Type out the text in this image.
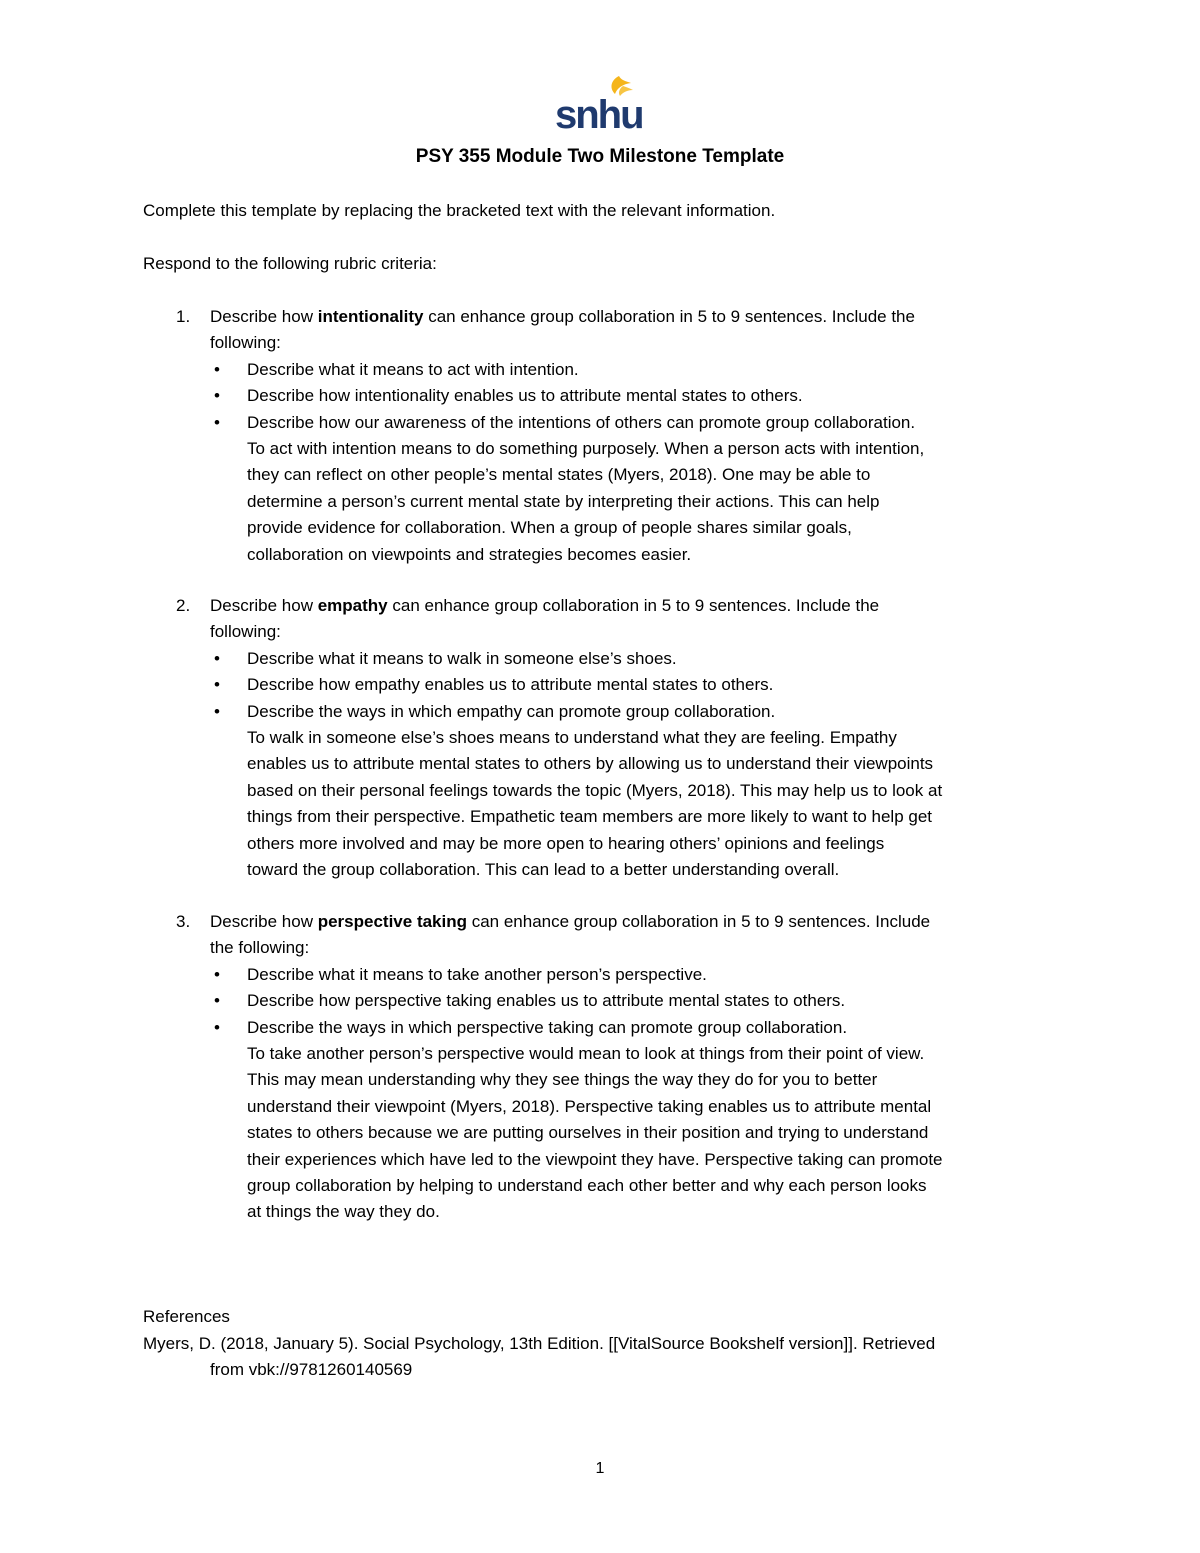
snhu
PSY 355 Module Two Milestone Template
Complete this template by replacing the bracketed text with the relevant information.
Respond to the following rubric criteria:
1. Describe how intentionality can enhance group collaboration in 5 to 9 sentences. Include the
following:
• Describe what it means to act with intention.
• Describe how intentionality enables us to attribute mental states to others.
• Describe how our awareness of the intentions of others can promote group collaboration.
To act with intention means to do something purposely. When a person acts with intention,
they can reflect on other people’s mental states (Myers, 2018). One may be able to
determine a person’s current mental state by interpreting their actions. This can help
provide evidence for collaboration. When a group of people shares similar goals,
collaboration on viewpoints and strategies becomes easier.
2. Describe how empathy can enhance group collaboration in 5 to 9 sentences. Include the
following:
• Describe what it means to walk in someone else’s shoes.
• Describe how empathy enables us to attribute mental states to others.
• Describe the ways in which empathy can promote group collaboration.
To walk in someone else’s shoes means to understand what they are feeling. Empathy
enables us to attribute mental states to others by allowing us to understand their viewpoints
based on their personal feelings towards the topic (Myers, 2018). This may help us to look at
things from their perspective. Empathetic team members are more likely to want to help get
others more involved and may be more open to hearing others’ opinions and feelings
toward the group collaboration. This can lead to a better understanding overall.
3. Describe how perspective taking can enhance group collaboration in 5 to 9 sentences. Include
the following:
• Describe what it means to take another person’s perspective.
• Describe how perspective taking enables us to attribute mental states to others.
• Describe the ways in which perspective taking can promote group collaboration.
To take another person’s perspective would mean to look at things from their point of view.
This may mean understanding why they see things the way they do for you to better
understand their viewpoint (Myers, 2018). Perspective taking enables us to attribute mental
states to others because we are putting ourselves in their position and trying to understand
their experiences which have led to the viewpoint they have. Perspective taking can promote
group collaboration by helping to understand each other better and why each person looks
at things the way they do.
References
Myers, D. (2018, January 5). Social Psychology, 13th Edition. [[VitalSource Bookshelf version]]. Retrieved
from vbk://9781260140569
1
